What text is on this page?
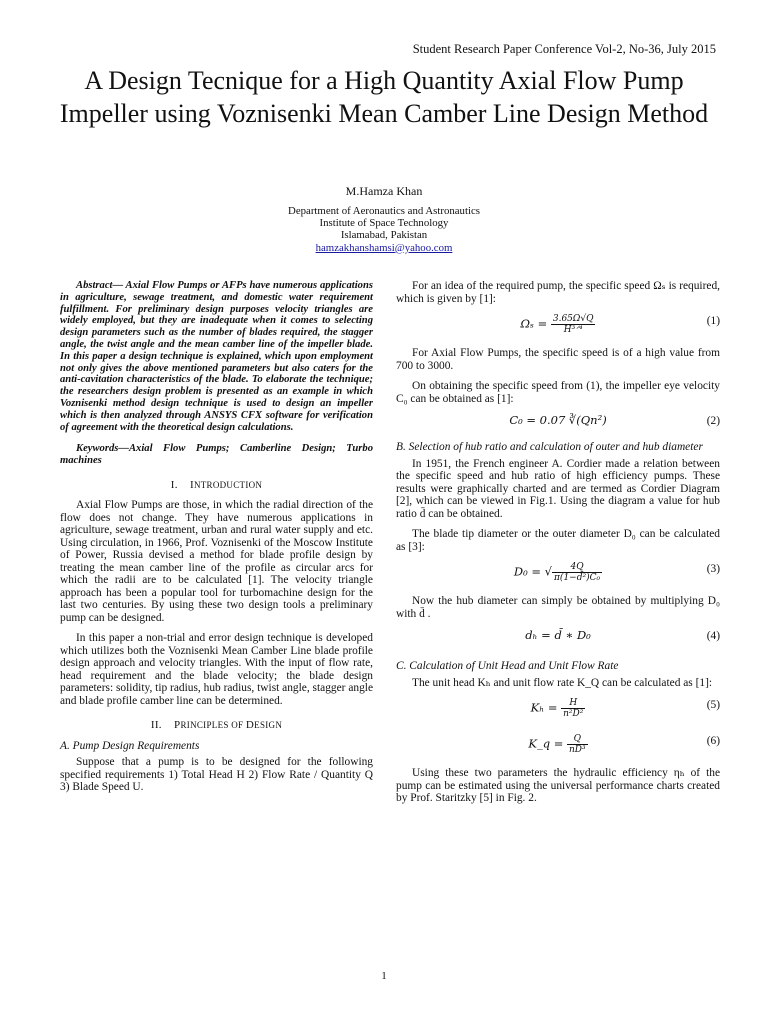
Student Research Paper Conference Vol-2, No-36, July 2015
A Design Tecnique for a High Quantity Axial Flow Pump Impeller using Voznisenki Mean Camber Line Design Method
M.Hamza Khan
Department of Aeronautics and Astronautics
Institute of Space Technology
Islamabad, Pakistan
hamzakhanshamsi@yahoo.com

Abstract— Axial Flow Pumps or AFPs have numerous applications in agriculture, sewage treatment, and domestic water requirement fulfillment. For preliminary design purposes velocity triangles are widely employed, but they are inadequate when it comes to selecting design parameters such as the number of blades required, the stagger angle, the twist angle and the mean camber line of the impeller blade. In this paper a design technique is explained, which upon employment not only gives the above mentioned parameters but also caters for the anti-cavitation characteristics of the blade. To elaborate the technique; the researchers design problem is presented as an example in which Voznisenki method design technique is used to design an impeller which is then analyzed through ANSYS CFX software for verification of agreement with the theoretical design calculations.

Keywords—Axial Flow Pumps; Camberline Design; Turbo machines

I. INTRODUCTION

Axial Flow Pumps are those, in which the radial direction of the flow does not change. They have numerous applications in agriculture, sewage treatment, urban and rural water supply and etc. Using circulation, in 1966, Prof. Voznisenki of the Moscow Institute of Power, Russia devised a method for blade profile design by treating the mean camber line of the profile as circular arcs for which the radii are to be calculated [1]. The velocity triangle approach has been a popular tool for turbomachine design for the last two centuries. By using these two design tools a preliminary pump can be designed.

In this paper a non-trial and error design technique is developed which utilizes both the Voznisenki Mean Camber Line blade profile design approach and velocity triangles. With the input of flow rate, head requirement and the blade velocity; the blade design parameters: solidity, tip radius, hub radius, twist angle, stagger angle and blade profile camber line can be determined.

II. PRINCIPLES OF DESIGN
A. Pump Design Requirements

Suppose that a pump is to be designed for the following specified requirements 1) Total Head H 2) Flow Rate / Quantity Q 3) Blade Speed U.

For an idea of the required pump, the specific speed Ωₛ is required, which is given by [1]:

$\Omega_s = \frac{3.65\Omega√Q}{\text{H³ᐟ⁴}}$	(1)

For Axial Flow Pumps, the specific speed is of a high value from 700 to 3000.

On obtaining the specific speed from (1), the impeller eye velocity C₀ can be obtained as [1]:

C₀ = 0.07 ∛(Qn²)	(2)
B. Selection of hub ratio and calculation of outer and hub diameter

In 1951, the French engineer A. Cordier made a relation between the specific speed and hub ratio of high efficiency pumps. These results were graphically charted and are termed as Cordier Diagram [2], which can be viewed in Fig.1. Using the diagram a value for hub ratio d̄ can be obtained.

The blade tip diameter or the outer diameter D₀ can be calculated as [3]:

D₀ = √ $\frac{4Q}{\text{π(1−d̄²)C₀}}$	(3)

Now the hub diameter can simply be obtained by multiplying D₀ with d̄ .

dₕ = d̄ ∗ D₀	(4)
C. Calculation of Unit Head and Unit Flow Rate

The unit head Kₕ and unit flow rate K_Q can be calculated as [1]:

$K_h = \frac{H}{\text{n²D²}}$	(5)
K_q = $\frac{Q}{\text{nD³}}$	(6)

Using these two parameters the hydraulic efficiency ηₕ of the pump can be estimated using the universal performance charts created by Prof. Staritzky [5] in Fig. 2.

1
